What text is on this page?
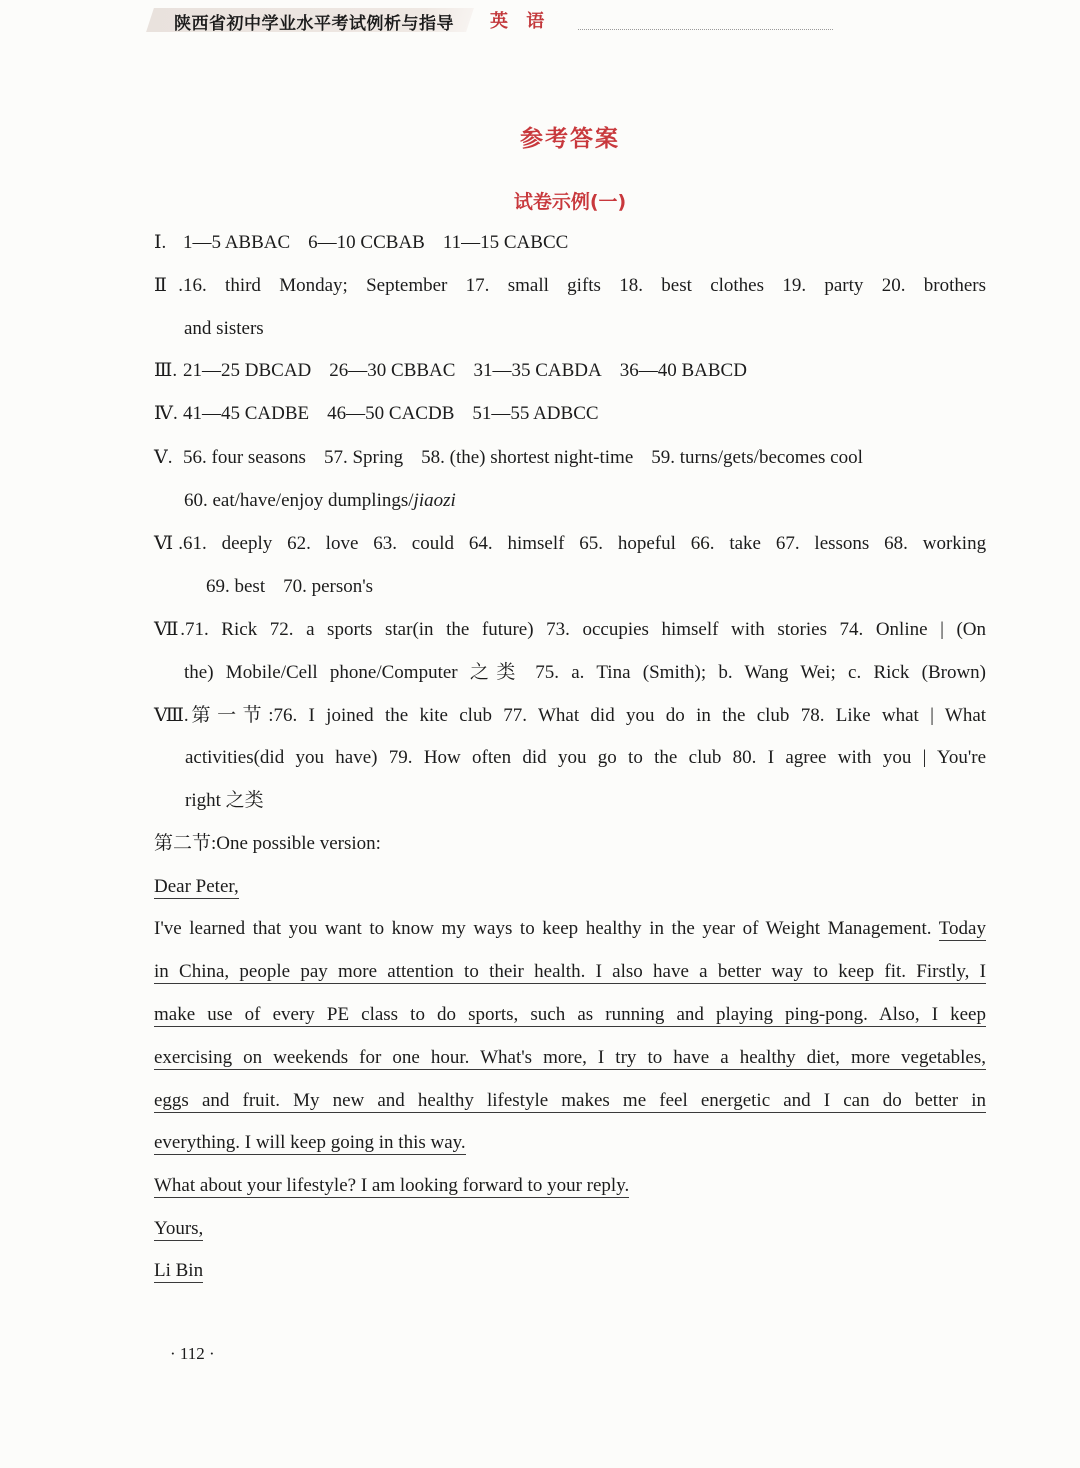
陕西省初中学业水平考试例析与指导 英 语
参考答案
试卷示例(一)
Ⅰ. 1—5 ABBAC 6—10 CCBAB 11—15 CABCC
Ⅱ.16. third Monday; September 17. small gifts 18. best clothes 19. party 20. brothers
and sisters
Ⅲ. 21—25 DBCAD 26—30 CBBAC 31—35 CABDA 36—40 BABCD
Ⅳ. 41—45 CADBE 46—50 CACDB 51—55 ADBCC
Ⅴ. 56. four seasons 57. Spring 58. (the) shortest night-time 59. turns/gets/becomes cool
60. eat/have/enjoy dumplings/jiaozi
Ⅵ.61. deeply 62. love 63. could 64. himself 65. hopeful 66. take 67. lessons 68. working
69. best 70. person's
Ⅶ.71. Rick 72. a sports star(in the future) 73. occupies himself with stories 74. Online | (On
the) Mobile/Cell phone/Computer 之类 75. a. Tina (Smith); b. Wang Wei; c. Rick (Brown)
Ⅷ.第一节:76. I joined the kite club 77. What did you do in the club 78. Like what | What
activities(did you have) 79. How often did you go to the club 80. I agree with you | You're
right 之类
第二节:One possible version:
Dear Peter,
I've learned that you want to know my ways to keep healthy in the year of Weight Management. Today
in China, people pay more attention to their health. I also have a better way to keep fit. Firstly, I
make use of every PE class to do sports, such as running and playing ping-pong. Also, I keep
exercising on weekends for one hour. What's more, I try to have a healthy diet, more vegetables,
eggs and fruit. My new and healthy lifestyle makes me feel energetic and I can do better in
everything. I will keep going in this way.
What about your lifestyle? I am looking forward to your reply.
Yours,
Li Bin
· 112 ·
